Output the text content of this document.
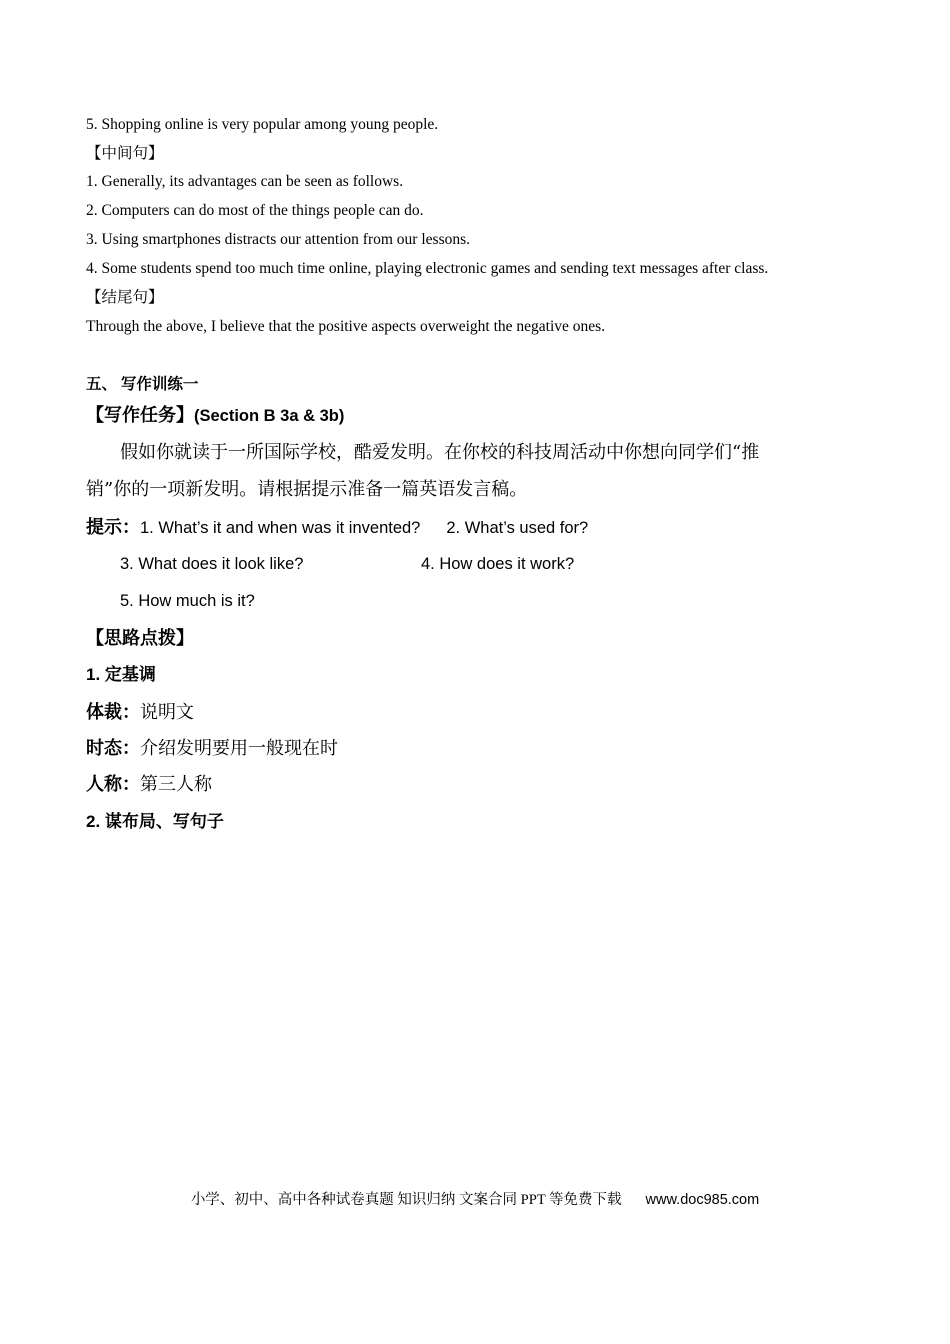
5. Shopping online is very popular among young people.
【中间句】
1. Generally, its advantages can be seen as follows.
2. Computers can do most of the things people can do.
3. Using smartphones distracts our attention from our lessons.
4. Some students spend too much time online, playing electronic games and sending text messages after class.
【结尾句】
Through the above, I believe that the positive aspects overweight the negative ones.
五、 写作训练一
【写作任务】(Section B 3a & 3b)
假如你就读于一所国际学校，酷爱发明。在你校的科技周活动中你想向同学们“推
销”你的一项新发明。请根据提示准备一篇英语发言稿。
提示：1. What’s it and when was it invented? 2. What’s used for?
3. What does it look like?	4. How does it work?
5. How much is it?
【思路点拨】
1. 定基调
体裁：说明文
时态：介绍发明要用一般现在时
人称：第三人称
2. 谋布局、写句子
小学、初中、高中各种试卷真题 知识归纳 文案合同 PPT 等免费下载 www.doc985.com
